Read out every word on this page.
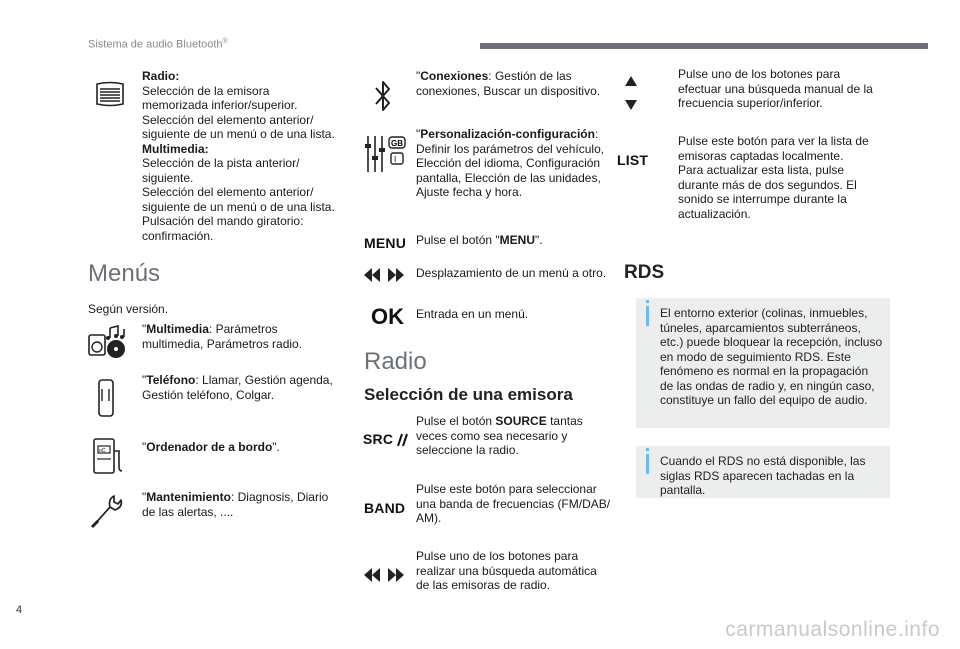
Sistema de audio Bluetooth®
Radio:
Selección de la emisora
memorizada inferior/superior.
Selección del elemento anterior/
siguiente de un menú o de una lista.
Multimedia:
Selección de la pista anterior/
siguiente.
Selección del elemento anterior/
siguiente de un menú o de una lista.
Pulsación del mando giratorio:
confirmación.
Menús
Según versión.
"Multimedia: Parámetros
multimedia, Parámetros radio.
"Teléfono: Llamar, Gestión agenda,
Gestión teléfono, Colgar.
oC	"Ordenador de a bordo".
"Mantenimiento: Diagnosis, Diario
de las alertas, ....
"Conexiones: Gestión de las
conexiones, Buscar un dispositivo.
GB
I
"Personalización-configuración:
Definir los parámetros del vehículo,
Elección del idioma, Configuración
pantalla, Elección de las unidades,
Ajuste fecha y hora.
MENU Pulse el botón "MENU".
Desplazamiento de un menú a otro.
OK Entrada en un menú.
Radio
Selección de una emisora
SRC
Pulse el botón SOURCE tantas
veces como sea necesario y
seleccione la radio.
BAND
Pulse este botón para seleccionar
una banda de frecuencias (FM/DAB/
AM).
Pulse uno de los botones para
realizar una búsqueda automática
de las emisoras de radio.
Pulse uno de los botones para
efectuar una búsqueda manual de la
frecuencia superior/inferior.
LIST
Pulse este botón para ver la lista de
emisoras captadas localmente.
Para actualizar esta lista, pulse
durante más de dos segundos. El
sonido se interrumpe durante la
actualización.
RDS
El entorno exterior (colinas, inmuebles,
túneles, aparcamientos subterráneos,
etc.) puede bloquear la recepción, incluso
en modo de seguimiento RDS. Este
fenómeno es normal en la propagación
de las ondas de radio y, en ningún caso,
constituye un fallo del equipo de audio.
Cuando el RDS no está disponible, las
siglas RDS aparecen tachadas en la
pantalla.
4
carmanualsonline.info
